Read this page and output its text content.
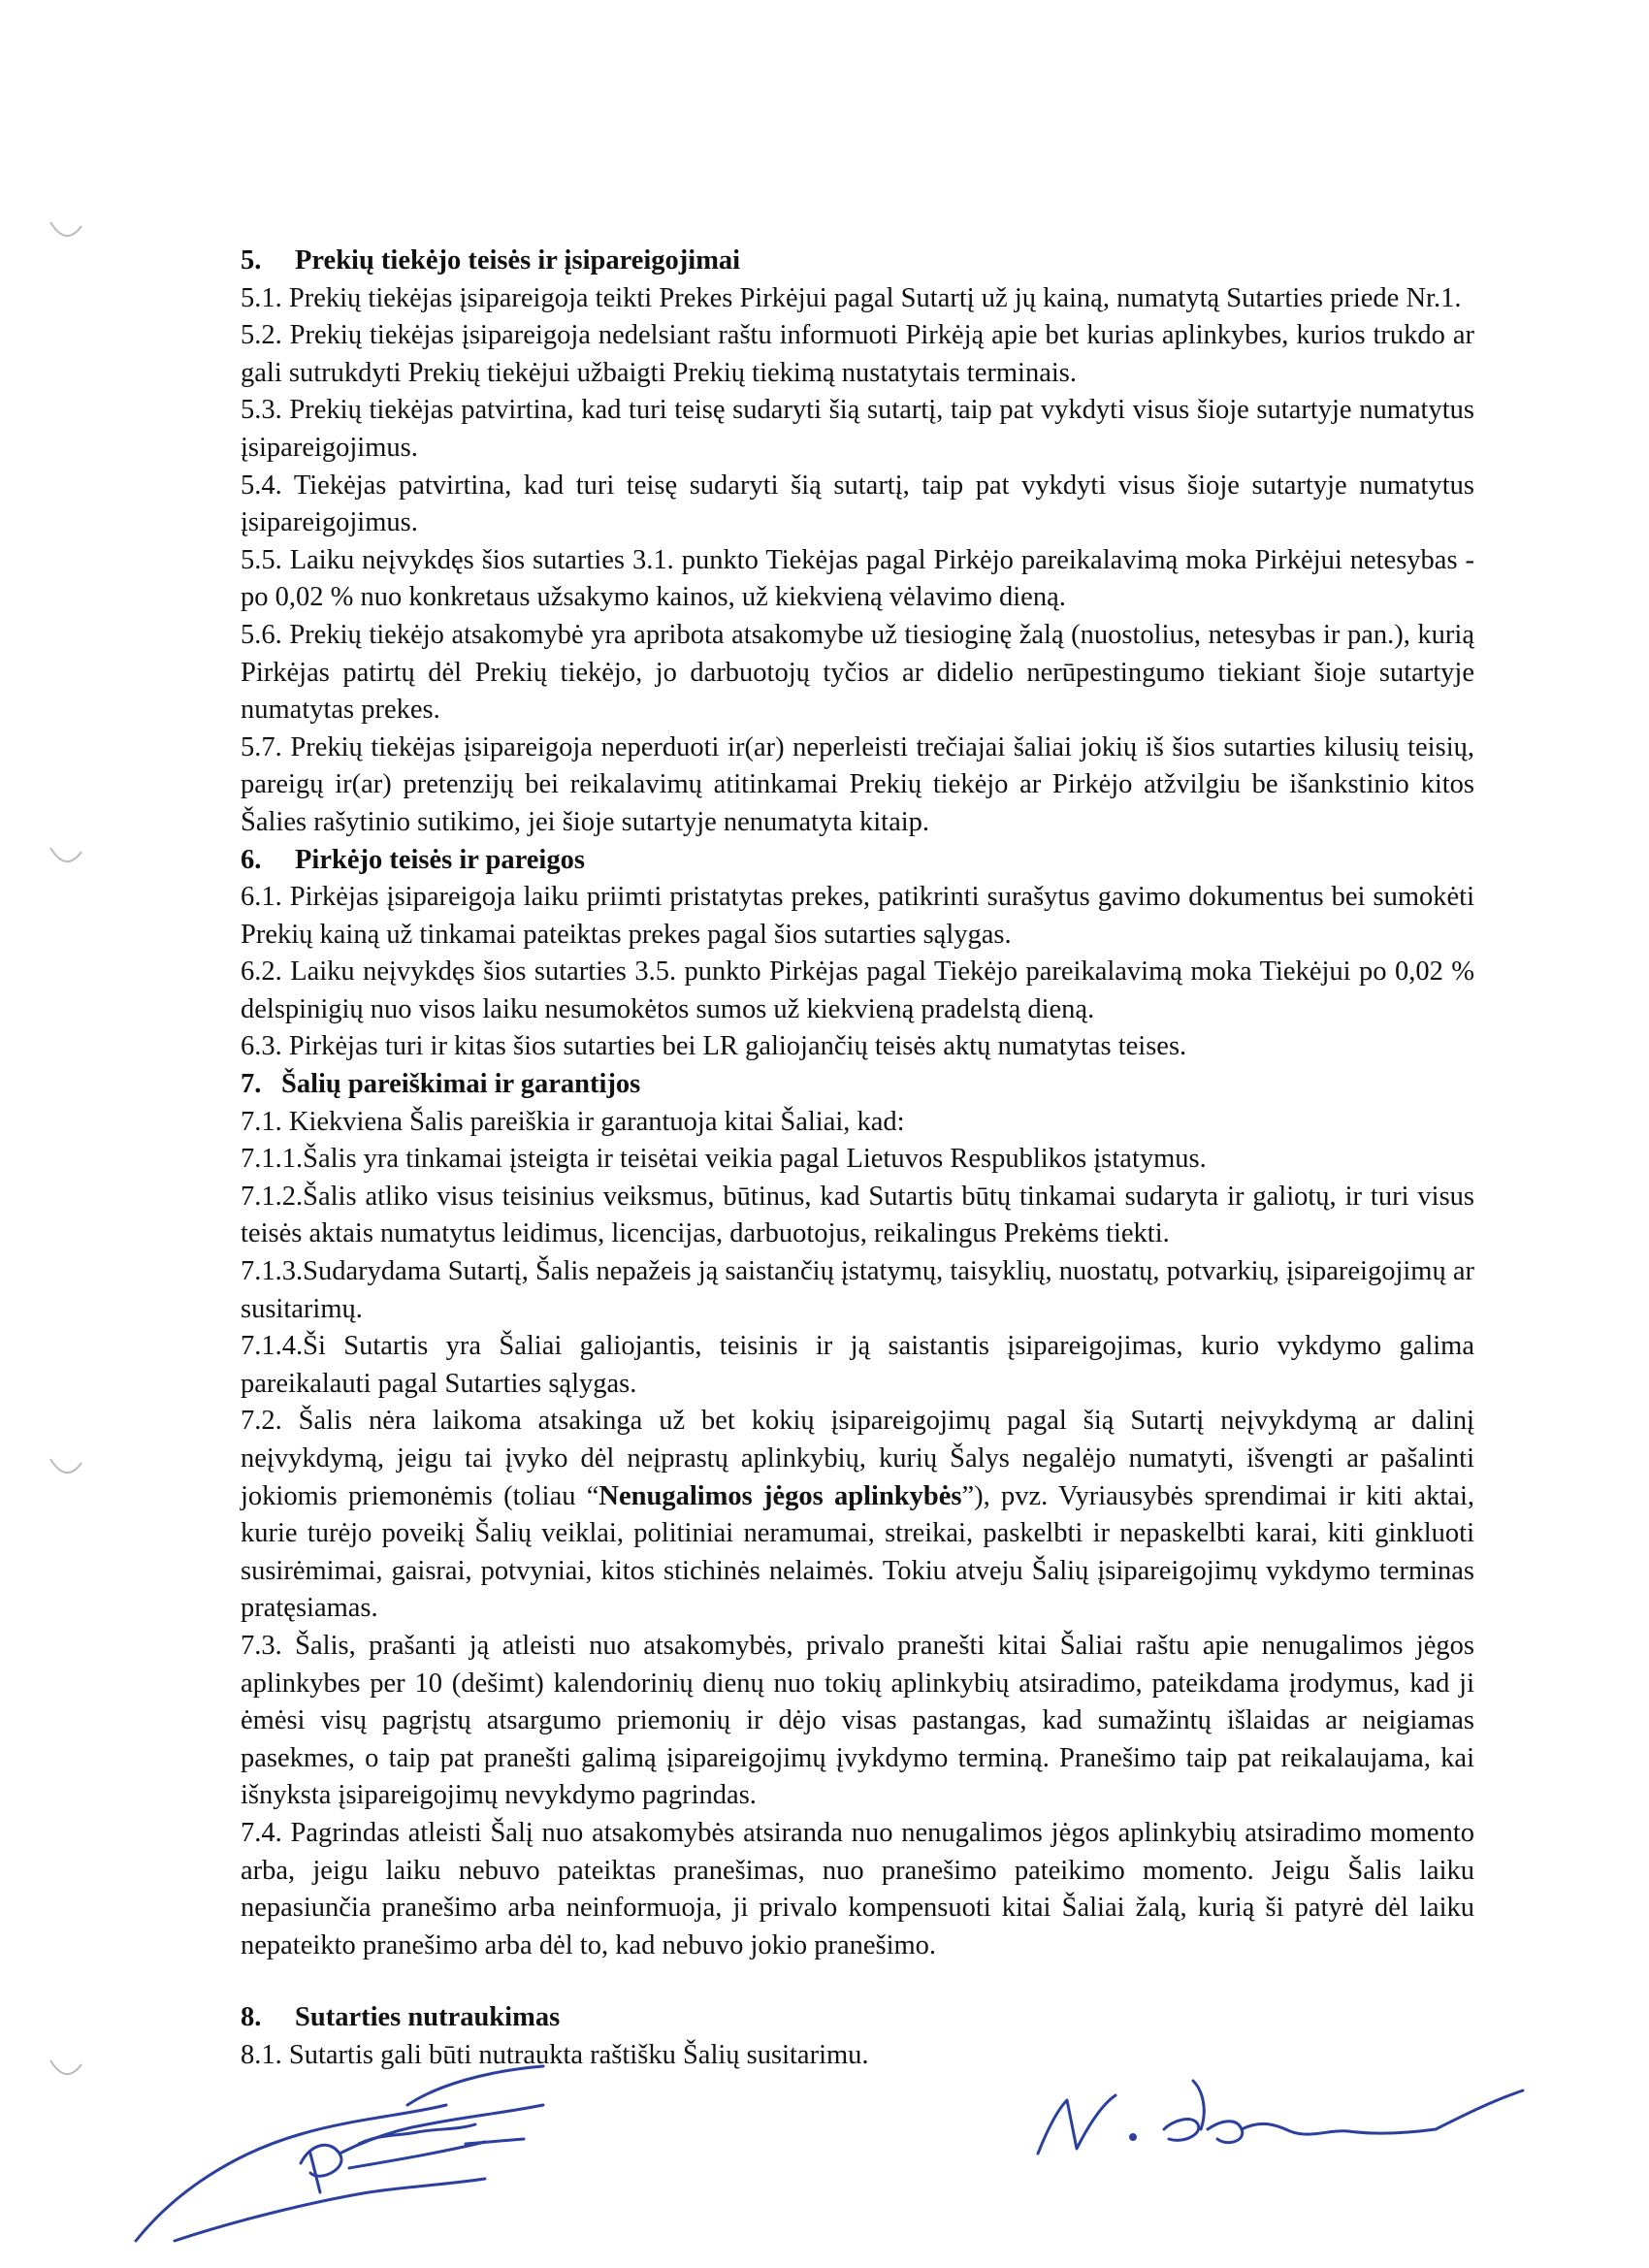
5. Prekių tiekėjo teisės ir įsipareigojimai
5.1. Prekių tiekėjas įsipareigoja teikti Prekes Pirkėjui pagal Sutartį už jų kainą, numatytą Sutarties priede Nr.1.
5.2. Prekių tiekėjas įsipareigoja nedelsiant raštu informuoti Pirkėją apie bet kurias aplinkybes, kurios trukdo ar gali sutrukdyti Prekių tiekėjui užbaigti Prekių tiekimą nustatytais terminais.
5.3. Prekių tiekėjas patvirtina, kad turi teisę sudaryti šią sutartį, taip pat vykdyti visus šioje sutartyje numatytus įsipareigojimus.
5.4. Tiekėjas patvirtina, kad turi teisę sudaryti šią sutartį, taip pat vykdyti visus šioje sutartyje numatytus įsipareigojimus.
5.5. Laiku neįvykdęs šios sutarties 3.1. punkto Tiekėjas pagal Pirkėjo pareikalavimą moka Pirkėjui netesybas - po 0,02 % nuo konkretaus užsakymo kainos, už kiekvieną vėlavimo dieną.
5.6. Prekių tiekėjo atsakomybė yra apribota atsakomybe už tiesioginę žalą (nuostolius, netesybas ir pan.), kurią Pirkėjas patirtų dėl Prekių tiekėjo, jo darbuotojų tyčios ar didelio nerūpestingumo tiekiant šioje sutartyje numatytas prekes.
5.7. Prekių tiekėjas įsipareigoja neperduoti ir(ar) neperleisti trečiajai šaliai jokių iš šios sutarties kilusių teisių, pareigų ir(ar) pretenzijų bei reikalavimų atitinkamai Prekių tiekėjo ar Pirkėjo atžvilgiu be išankstinio kitos Šalies rašytinio sutikimo, jei šioje sutartyje nenumatyta kitaip.
6. Pirkėjo teisės ir pareigos
6.1. Pirkėjas įsipareigoja laiku priimti pristatytas prekes, patikrinti surašytus gavimo dokumentus bei sumokėti Prekių kainą už tinkamai pateiktas prekes pagal šios sutarties sąlygas.
6.2. Laiku neįvykdęs šios sutarties 3.5. punkto Pirkėjas pagal Tiekėjo pareikalavimą moka Tiekėjui po 0,02 % delspinigių nuo visos laiku nesumokėtos sumos už kiekvieną pradelstą dieną.
6.3. Pirkėjas turi ir kitas šios sutarties bei LR galiojančių teisės aktų numatytas teises.
7. Šalių pareiškimai ir garantijos
7.1. Kiekviena Šalis pareiškia ir garantuoja kitai Šaliai, kad:
7.1.1.Šalis yra tinkamai įsteigta ir teisėtai veikia pagal Lietuvos Respublikos įstatymus.
7.1.2.Šalis atliko visus teisinius veiksmus, būtinus, kad Sutartis būtų tinkamai sudaryta ir galiotų, ir turi visus teisės aktais numatytus leidimus, licencijas, darbuotojus, reikalingus Prekėms tiekti.
7.1.3.Sudarydama Sutartį, Šalis nepažeis ją saistančių įstatymų, taisyklių, nuostatų, potvarkių, įsipareigojimų ar susitarimų.
7.1.4.Ši Sutartis yra Šaliai galiojantis, teisinis ir ją saistantis įsipareigojimas, kurio vykdymo galima pareikalauti pagal Sutarties sąlygas.
7.2. Šalis nėra laikoma atsakinga už bet kokių įsipareigojimų pagal šią Sutartį neįvykdymą ar dalinį neįvykdymą, jeigu tai įvyko dėl neįprastų aplinkybių, kurių Šalys negalėjo numatyti, išvengti ar pašalinti jokiomis priemonėmis (toliau “Nenugalimos jėgos aplinkybės”), pvz. Vyriausybės sprendimai ir kiti aktai, kurie turėjo poveikį Šalių veiklai, politiniai neramumai, streikai, paskelbti ir nepaskelbti karai, kiti ginkluoti susirėmimai, gaisrai, potvyniai, kitos stichinės nelaimės. Tokiu atveju Šalių įsipareigojimų vykdymo terminas pratęsiamas.
7.3. Šalis, prašanti ją atleisti nuo atsakomybės, privalo pranešti kitai Šaliai raštu apie nenugalimos jėgos aplinkybes per 10 (dešimt) kalendorinių dienų nuo tokių aplinkybių atsiradimo, pateikdama įrodymus, kad ji ėmėsi visų pagrįstų atsargumo priemonių ir dėjo visas pastangas, kad sumažintų išlaidas ar neigiamas pasekmes, o taip pat pranešti galimą įsipareigojimų įvykdymo terminą. Pranešimo taip pat reikalaujama, kai išnyksta įsipareigojimų nevykdymo pagrindas.
7.4. Pagrindas atleisti Šalį nuo atsakomybės atsiranda nuo nenugalimos jėgos aplinkybių atsiradimo momento arba, jeigu laiku nebuvo pateiktas pranešimas, nuo pranešimo pateikimo momento. Jeigu Šalis laiku nepasiunčia pranešimo arba neinformuoja, ji privalo kompensuoti kitai Šaliai žalą, kurią ši patyrė dėl laiku nepateikto pranešimo arba dėl to, kad nebuvo jokio pranešimo.
8. Sutarties nutraukimas
8.1. Sutartis gali būti nutraukta raštišku Šalių susitarimu.
